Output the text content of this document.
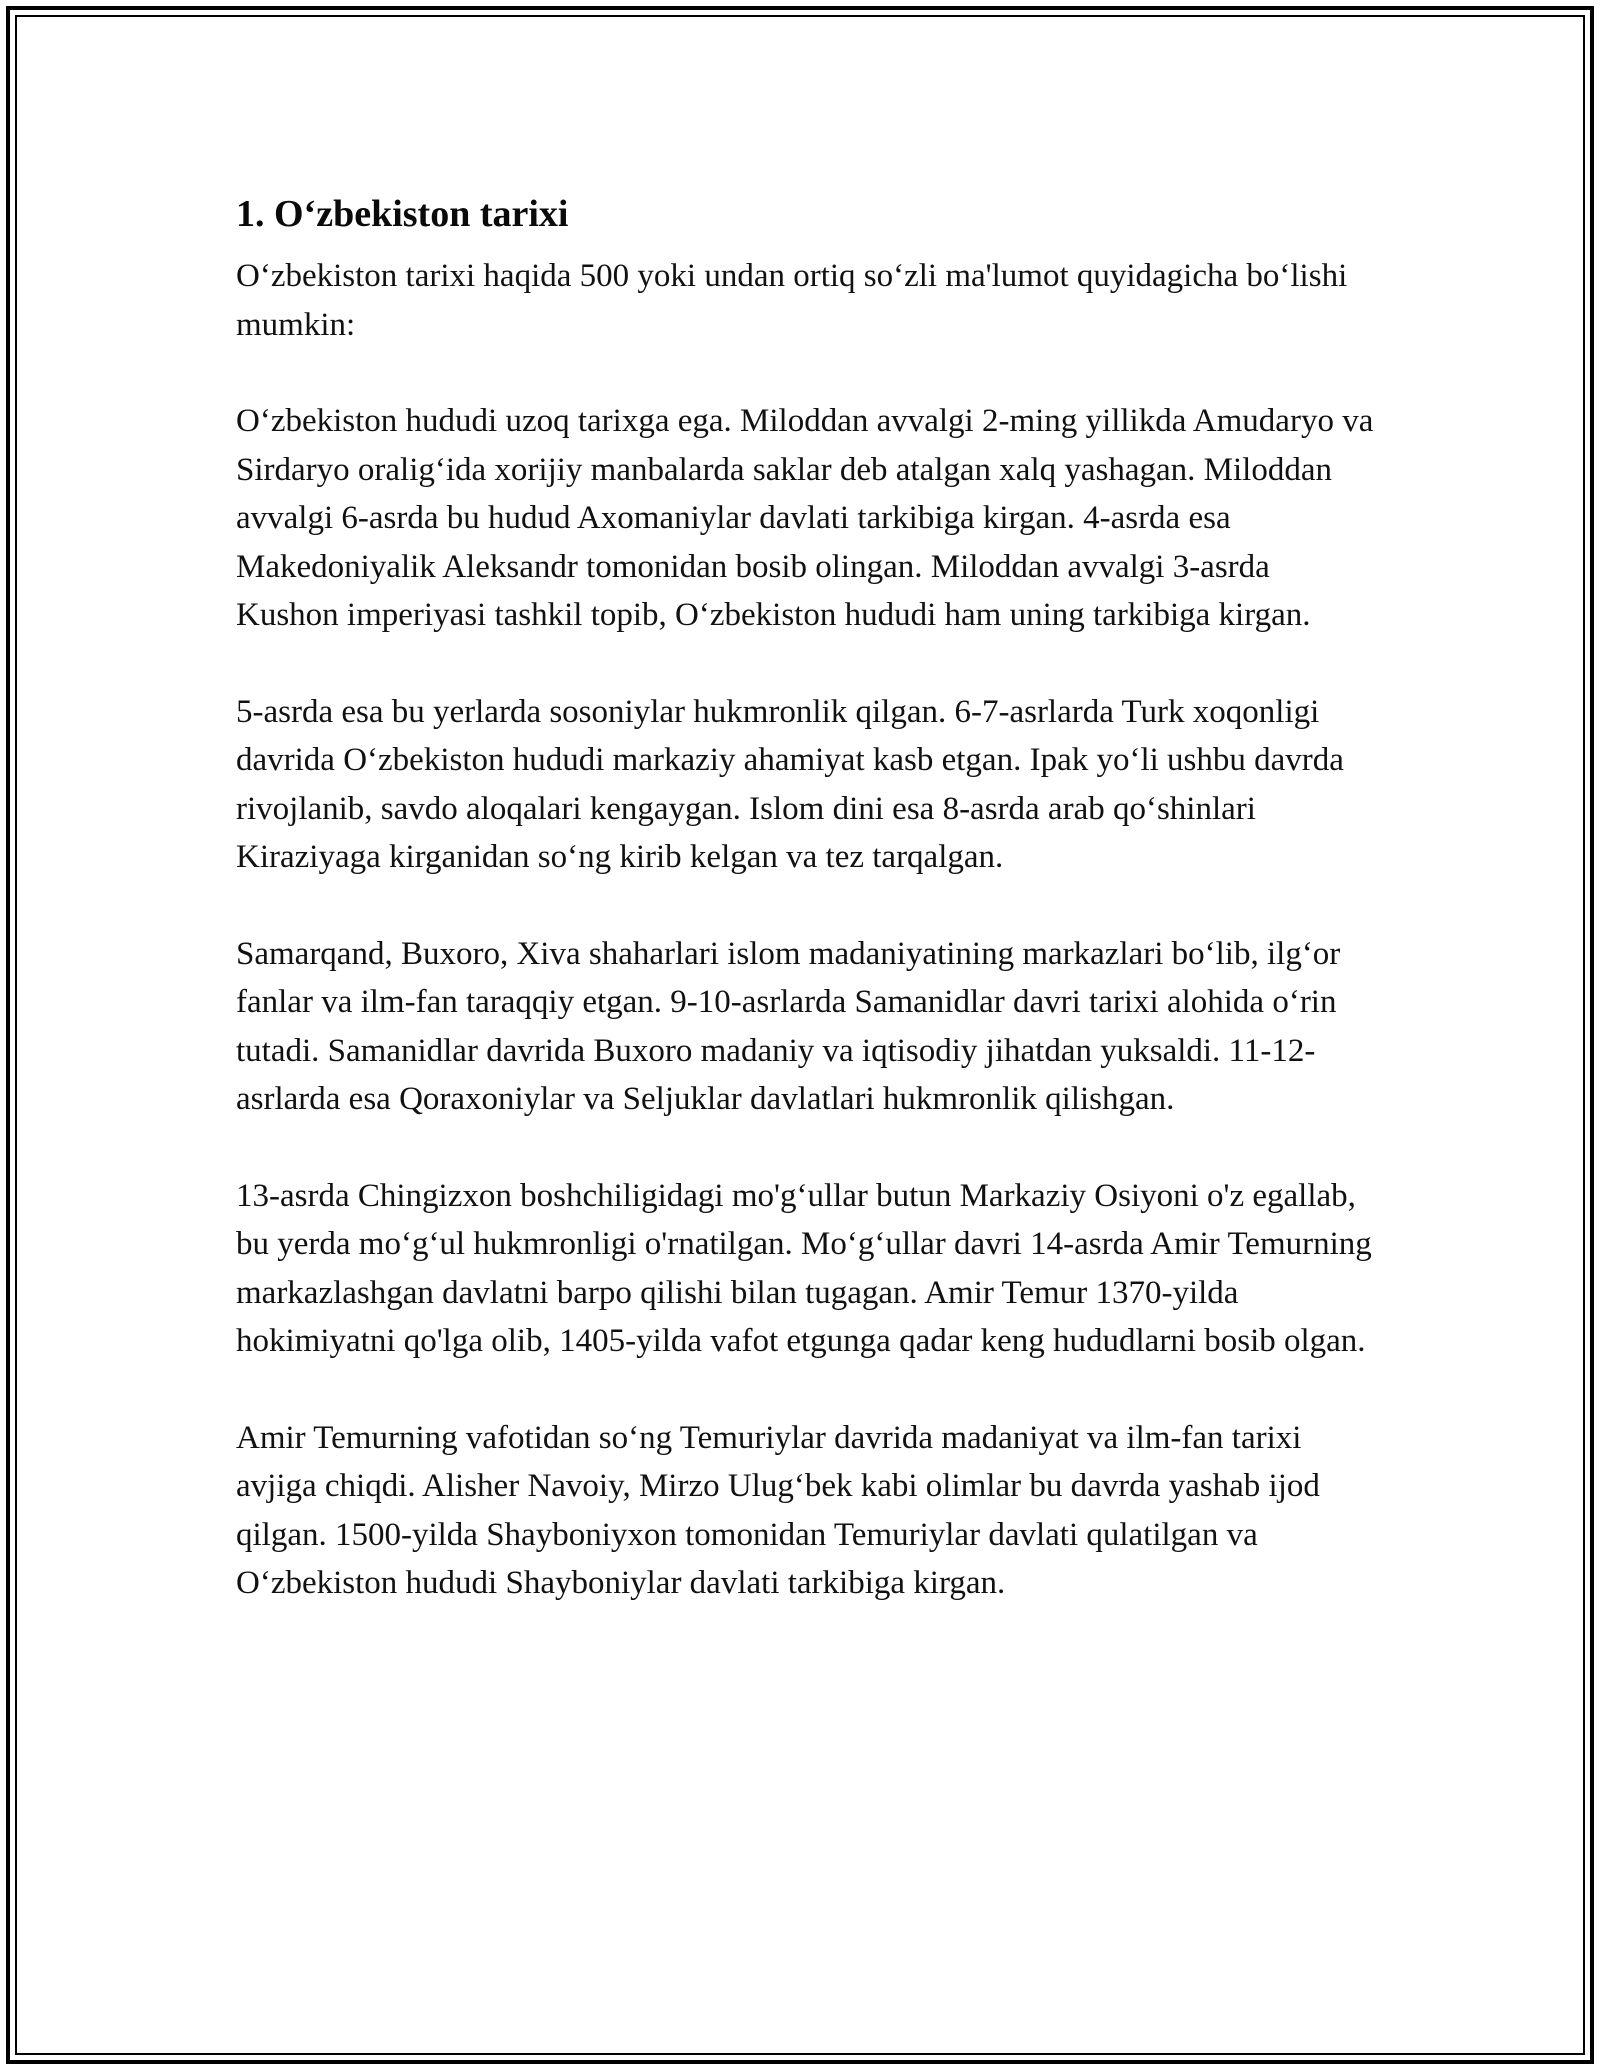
1. O‘zbekiston tarixi

O‘zbekiston tarixi haqida 500 yoki undan ortiq so‘zli ma'lumot quyidagicha bo‘lishi mumkin:

O‘zbekiston hududi uzoq tarixga ega. Miloddan avvalgi 2-ming yillikda Amudaryo va Sirdaryo oralig‘ida xorijiy manbalarda saklar deb atalgan xalq yashagan. Miloddan avvalgi 6-asrda bu hudud Axomaniylar davlati tarkibiga kirgan. 4-asrda esa Makedoniyalik Aleksandr tomonidan bosib olingan. Miloddan avvalgi 3-asrda Kushon imperiyasi tashkil topib, O‘zbekiston hududi ham uning tarkibiga kirgan.

5-asrda esa bu yerlarda sosoniylar hukmronlik qilgan. 6-7-asrlarda Turk xoqonligi davrida O‘zbekiston hududi markaziy ahamiyat kasb etgan. Ipak yo‘li ushbu davrda rivojlanib, savdo aloqalari kengaygan. Islom dini esa 8-asrda arab qo‘shinlari Kiraziyaga kirganidan so‘ng kirib kelgan va tez tarqalgan.

Samarqand, Buxoro, Xiva shaharlari islom madaniyatining markazlari bo‘lib, ilg‘or fanlar va ilm-fan taraqqiy etgan. 9-10-asrlarda Samanidlar davri tarixi alohida o‘rin tutadi. Samanidlar davrida Buxoro madaniy va iqtisodiy jihatdan yuksaldi. 11-12-asrlarda esa Qoraxoniylar va Seljuklar davlatlari hukmronlik qilishgan.

13-asrda Chingizxon boshchiligidagi mo'g‘ullar butun Markaziy Osiyoni o'z egallab, bu yerda mo‘g‘ul hukmronligi o'rnatilgan. Mo‘g‘ullar davri 14-asrda Amir Temurning markazlashgan davlatni barpo qilishi bilan tugagan. Amir Temur 1370-yilda hokimiyatni qo'lga olib, 1405-yilda vafot etgunga qadar keng hududlarni bosib olgan.

Amir Temurning vafotidan so‘ng Temuriylar davrida madaniyat va ilm-fan tarixi avjiga chiqdi. Alisher Navoiy, Mirzo Ulug‘bek kabi olimlar bu davrda yashab ijod qilgan. 1500-yilda Shayboniyxon tomonidan Temuriylar davlati qulatilgan va O‘zbekiston hududi Shayboniylar davlati tarkibiga kirgan.
